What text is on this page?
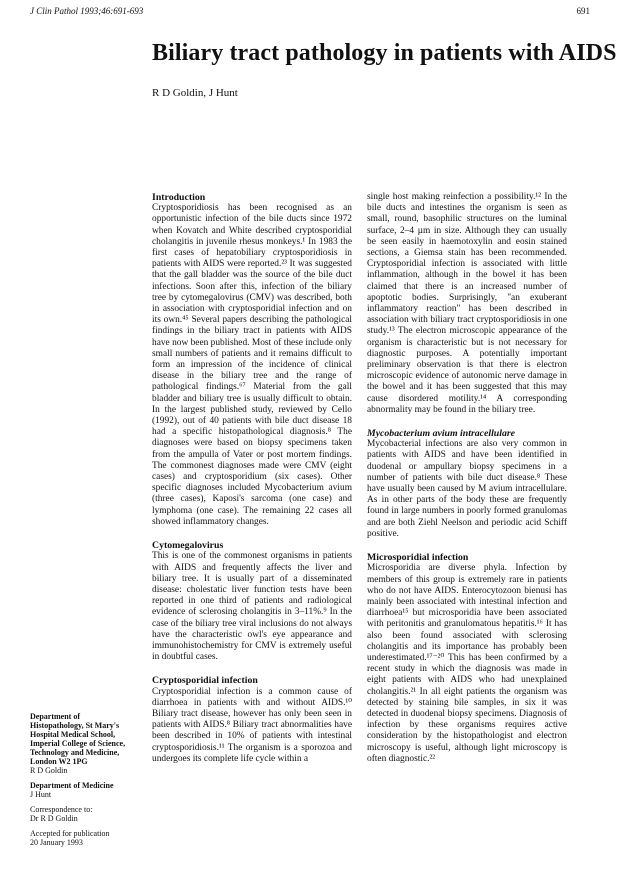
J Clin Pathol 1993;46:691-693	691
Biliary tract pathology in patients with AIDS
R D Goldin, J Hunt
Introduction

Cryptosporidiosis has been recognised as an opportunistic infection of the bile ducts since 1972 when Kovatch and White described cryptosporidial cholangitis in juvenile rhesus monkeys.¹ In 1983 the first cases of hepatobiliary cryptosporidiosis in patients with AIDS were reported.²³ It was suggested that the gall bladder was the source of the bile duct infections. Soon after this, infection of the biliary tree by cytomegalovirus (CMV) was described, both in association with cryptosporidial infection and on its own.⁴⁵ Several papers describing the pathological findings in the biliary tract in patients with AIDS have now been published. Most of these include only small numbers of patients and it remains difficult to form an impression of the incidence of clinical disease in the biliary tree and the range of pathological findings.⁶⁷ Material from the gall bladder and biliary tree is usually difficult to obtain. In the largest published study, reviewed by Cello (1992), out of 40 patients with bile duct disease 18 had a specific histopathological diagnosis.⁸ The diagnoses were based on biopsy specimens taken from the ampulla of Vater or post mortem findings. The commonest diagnoses made were CMV (eight cases) and cryptosporidium (six cases). Other specific diagnoses included Mycobacterium avium (three cases), Kaposi's sarcoma (one case) and lymphoma (one case). The remaining 22 cases all showed inflammatory changes.

Cytomegalovirus

This is one of the commonest organisms in patients with AIDS and frequently affects the liver and biliary tree. It is usually part of a disseminated disease: cholestatic liver function tests have been reported in one third of patients and radiological evidence of sclerosing cholangitis in 3–11%.⁹ In the case of the biliary tree viral inclusions do not always have the characteristic owl's eye appearance and immunohistochemistry for CMV is extremely useful in doubtful cases.

Cryptosporidial infection

Cryptosporidial infection is a common cause of diarrhoea in patients with and without AIDS.¹⁰ Biliary tract disease, however has only been seen in patients with AIDS.⁸ Biliary tract abnormalities have been described in 10% of patients with intestinal cryptosporidiosis.¹¹ The organism is a sporozoa and undergoes its complete life cycle within a

single host making reinfection a possibility.¹² In the bile ducts and intestines the organism is seen as small, round, basophilic structures on the luminal surface, 2–4 µm in size. Although they can usually be seen easily in haemotoxylin and eosin stained sections, a Giemsa stain has been recommended. Cryptosporidial infection is associated with little inflammation, although in the bowel it has been claimed that there is an increased number of apoptotic bodies. Surprisingly, "an exuberant inflammatory reaction" has been described in association with biliary tract cryptosporidiosis in one study.¹³ The electron microscopic appearance of the organism is characteristic but is not necessary for diagnostic purposes. A potentially important preliminary observation is that there is electron microscopic evidence of autonomic nerve damage in the bowel and it has been suggested that this may cause disordered motility.¹⁴ A corresponding abnormality may be found in the biliary tree.

Mycobacterium avium intracellulare

Mycobacterial infections are also very common in patients with AIDS and have been identified in duodenal or ampullary biopsy specimens in a number of patients with bile duct disease.⁸ These have usually been caused by M avium intracellulare. As in other parts of the body these are frequently found in large numbers in poorly formed granulomas and are both Ziehl Neelson and periodic acid Schiff positive.

Microsporidial infection

Microsporidia are diverse phyla. Infection by members of this group is extremely rare in patients who do not have AIDS. Enterocytozoon bienusi has mainly been associated with intestinal infection and diarrhoea¹⁵ but microsporidia have been associated with peritonitis and granulomatous hepatitis.¹⁶ It has also been found associated with sclerosing cholangitis and its importance has probably been underestimated.¹⁷⁻²⁰ This has been confirmed by a recent study in which the diagnosis was made in eight patients with AIDS who had unexplained cholangitis.²¹ In all eight patients the organism was detected by staining bile samples, in six it was detected in duodenal biopsy specimens. Diagnosis of infection by these organisms requires active consideration by the histopathologist and electron microscopy is useful, although light microscopy is often diagnostic.²²

Department of Histopathology, St Mary's Hospital Medical School, Imperial College of Science, Technology and Medicine, London W2 1PG
R D Goldin
Department of Medicine
J Hunt
Correspondence to:
Dr R D Goldin
Accepted for publication
20 January 1993
